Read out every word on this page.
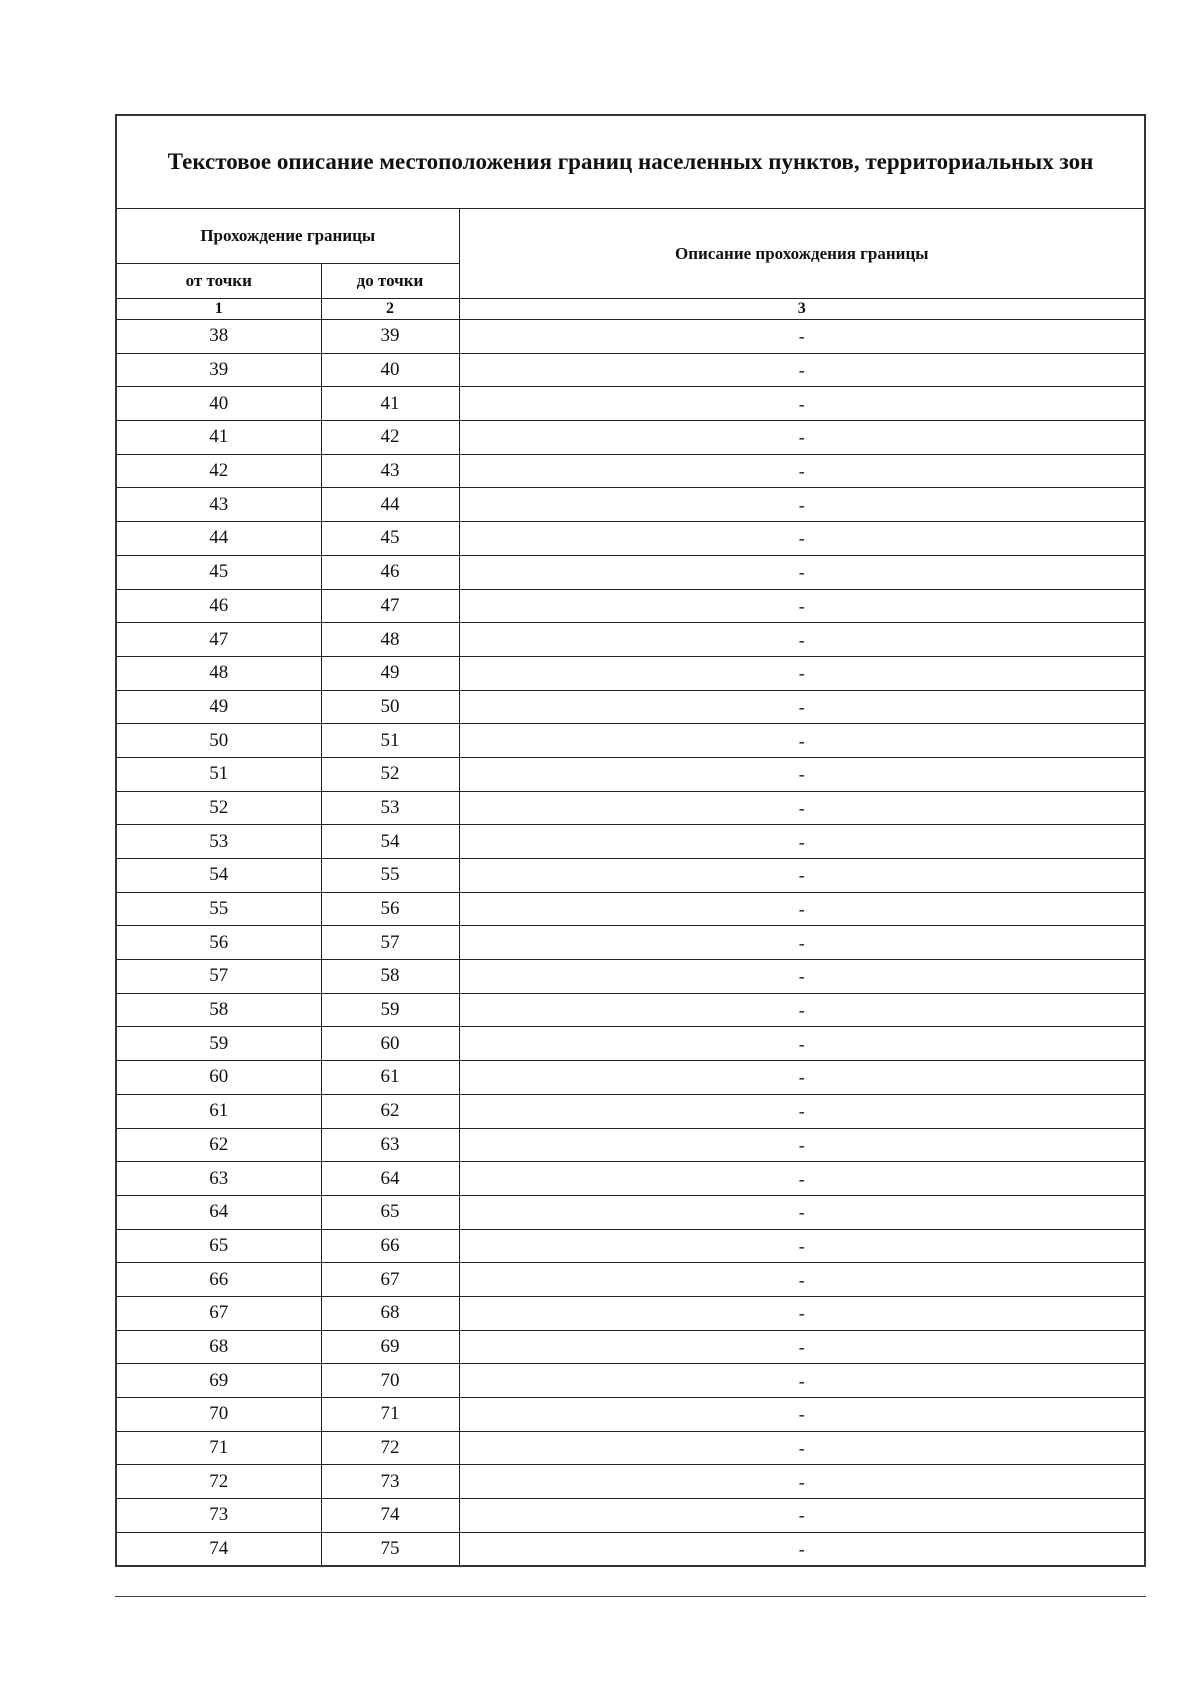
Текстовое описание местоположения границ населенных пунктов, территориальных зон		
Прохождение границы		Описание прохождения границы
от точки	до точки	
1	2	3
38	39	-
39	40	-
40	41	-
41	42	-
42	43	-
43	44	-
44	45	-
45	46	-
46	47	-
47	48	-
48	49	-
49	50	-
50	51	-
51	52	-
52	53	-
53	54	-
54	55	-
55	56	-
56	57	-
57	58	-
58	59	-
59	60	-
60	61	-
61	62	-
62	63	-
63	64	-
64	65	-
65	66	-
66	67	-
67	68	-
68	69	-
69	70	-
70	71	-
71	72	-
72	73	-
73	74	-
74	75	-
